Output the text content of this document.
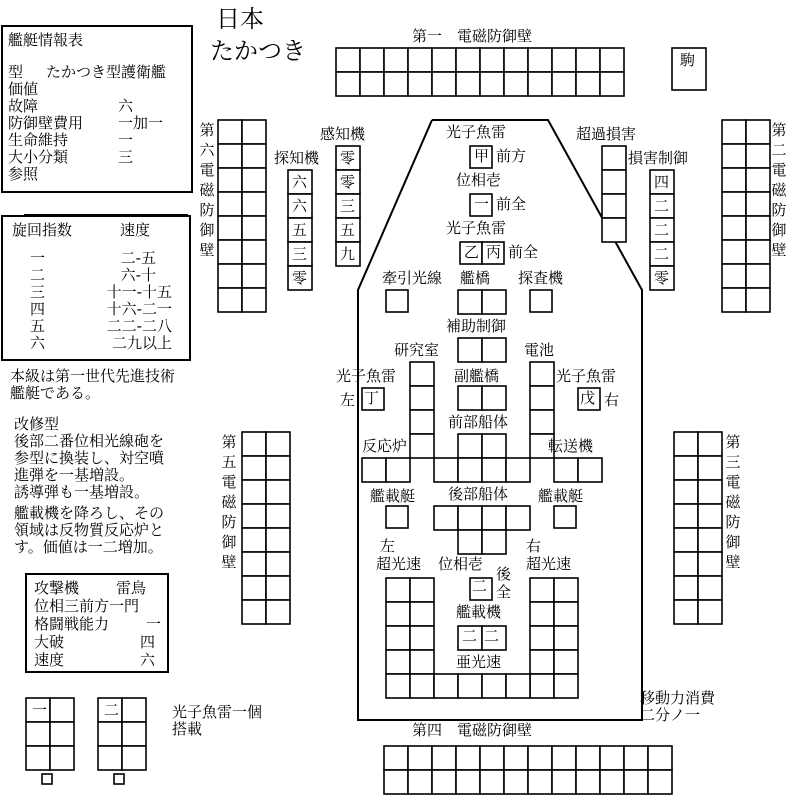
日本
たかつき
艦艇情報表
型 たかつき型護衛艦
価値
故障	六
防御壁費用 一加一
生命維持	一
大小分類	三
参照
旋回指数	速度
一	二-五
二	六-十
三	十一-十五
四	十六-二一
五	二二-二八
六	二九以上
本級は第一世代先進技術
艦艇である。
改修型
後部二番位相光線砲を
参型に換装し、対空噴
進弾を一基増設。
誘導弾も一基増設。
艦載機を降ろし、その
領域は反物質反応炉と
す。価値は一二増加。
攻撃機 雷鳥
位相三前方一門
格闘戦能力 一
大破	四
速度	六
一	二	光子魚雷一個
搭載
移動力消費
二分ノ一
第一　電磁防御壁
第四　電磁防御壁
第六電磁防御壁
第二電磁防御壁
第五電磁防御壁
第三電磁防御壁
駒
感知機
探知機
超過損害
損害制御
零
零
三
五
九
六
六
五
三
零
四
二
二
二
零
光子魚雷
甲 前方
位相壱
一 前全
光子魚雷
乙 丙 前全
牽引光線 艦橋 探査機
補助制御
研究室	電池
光子魚雷	光子魚雷
副艦橋
左 丁	戊 右
前部船体
反応炉	転送機
艦載艇 後部船体 艦載艇
左
超光速
右
超光速
位相壱
二
後
全
艦載機
二 二
亜光速
